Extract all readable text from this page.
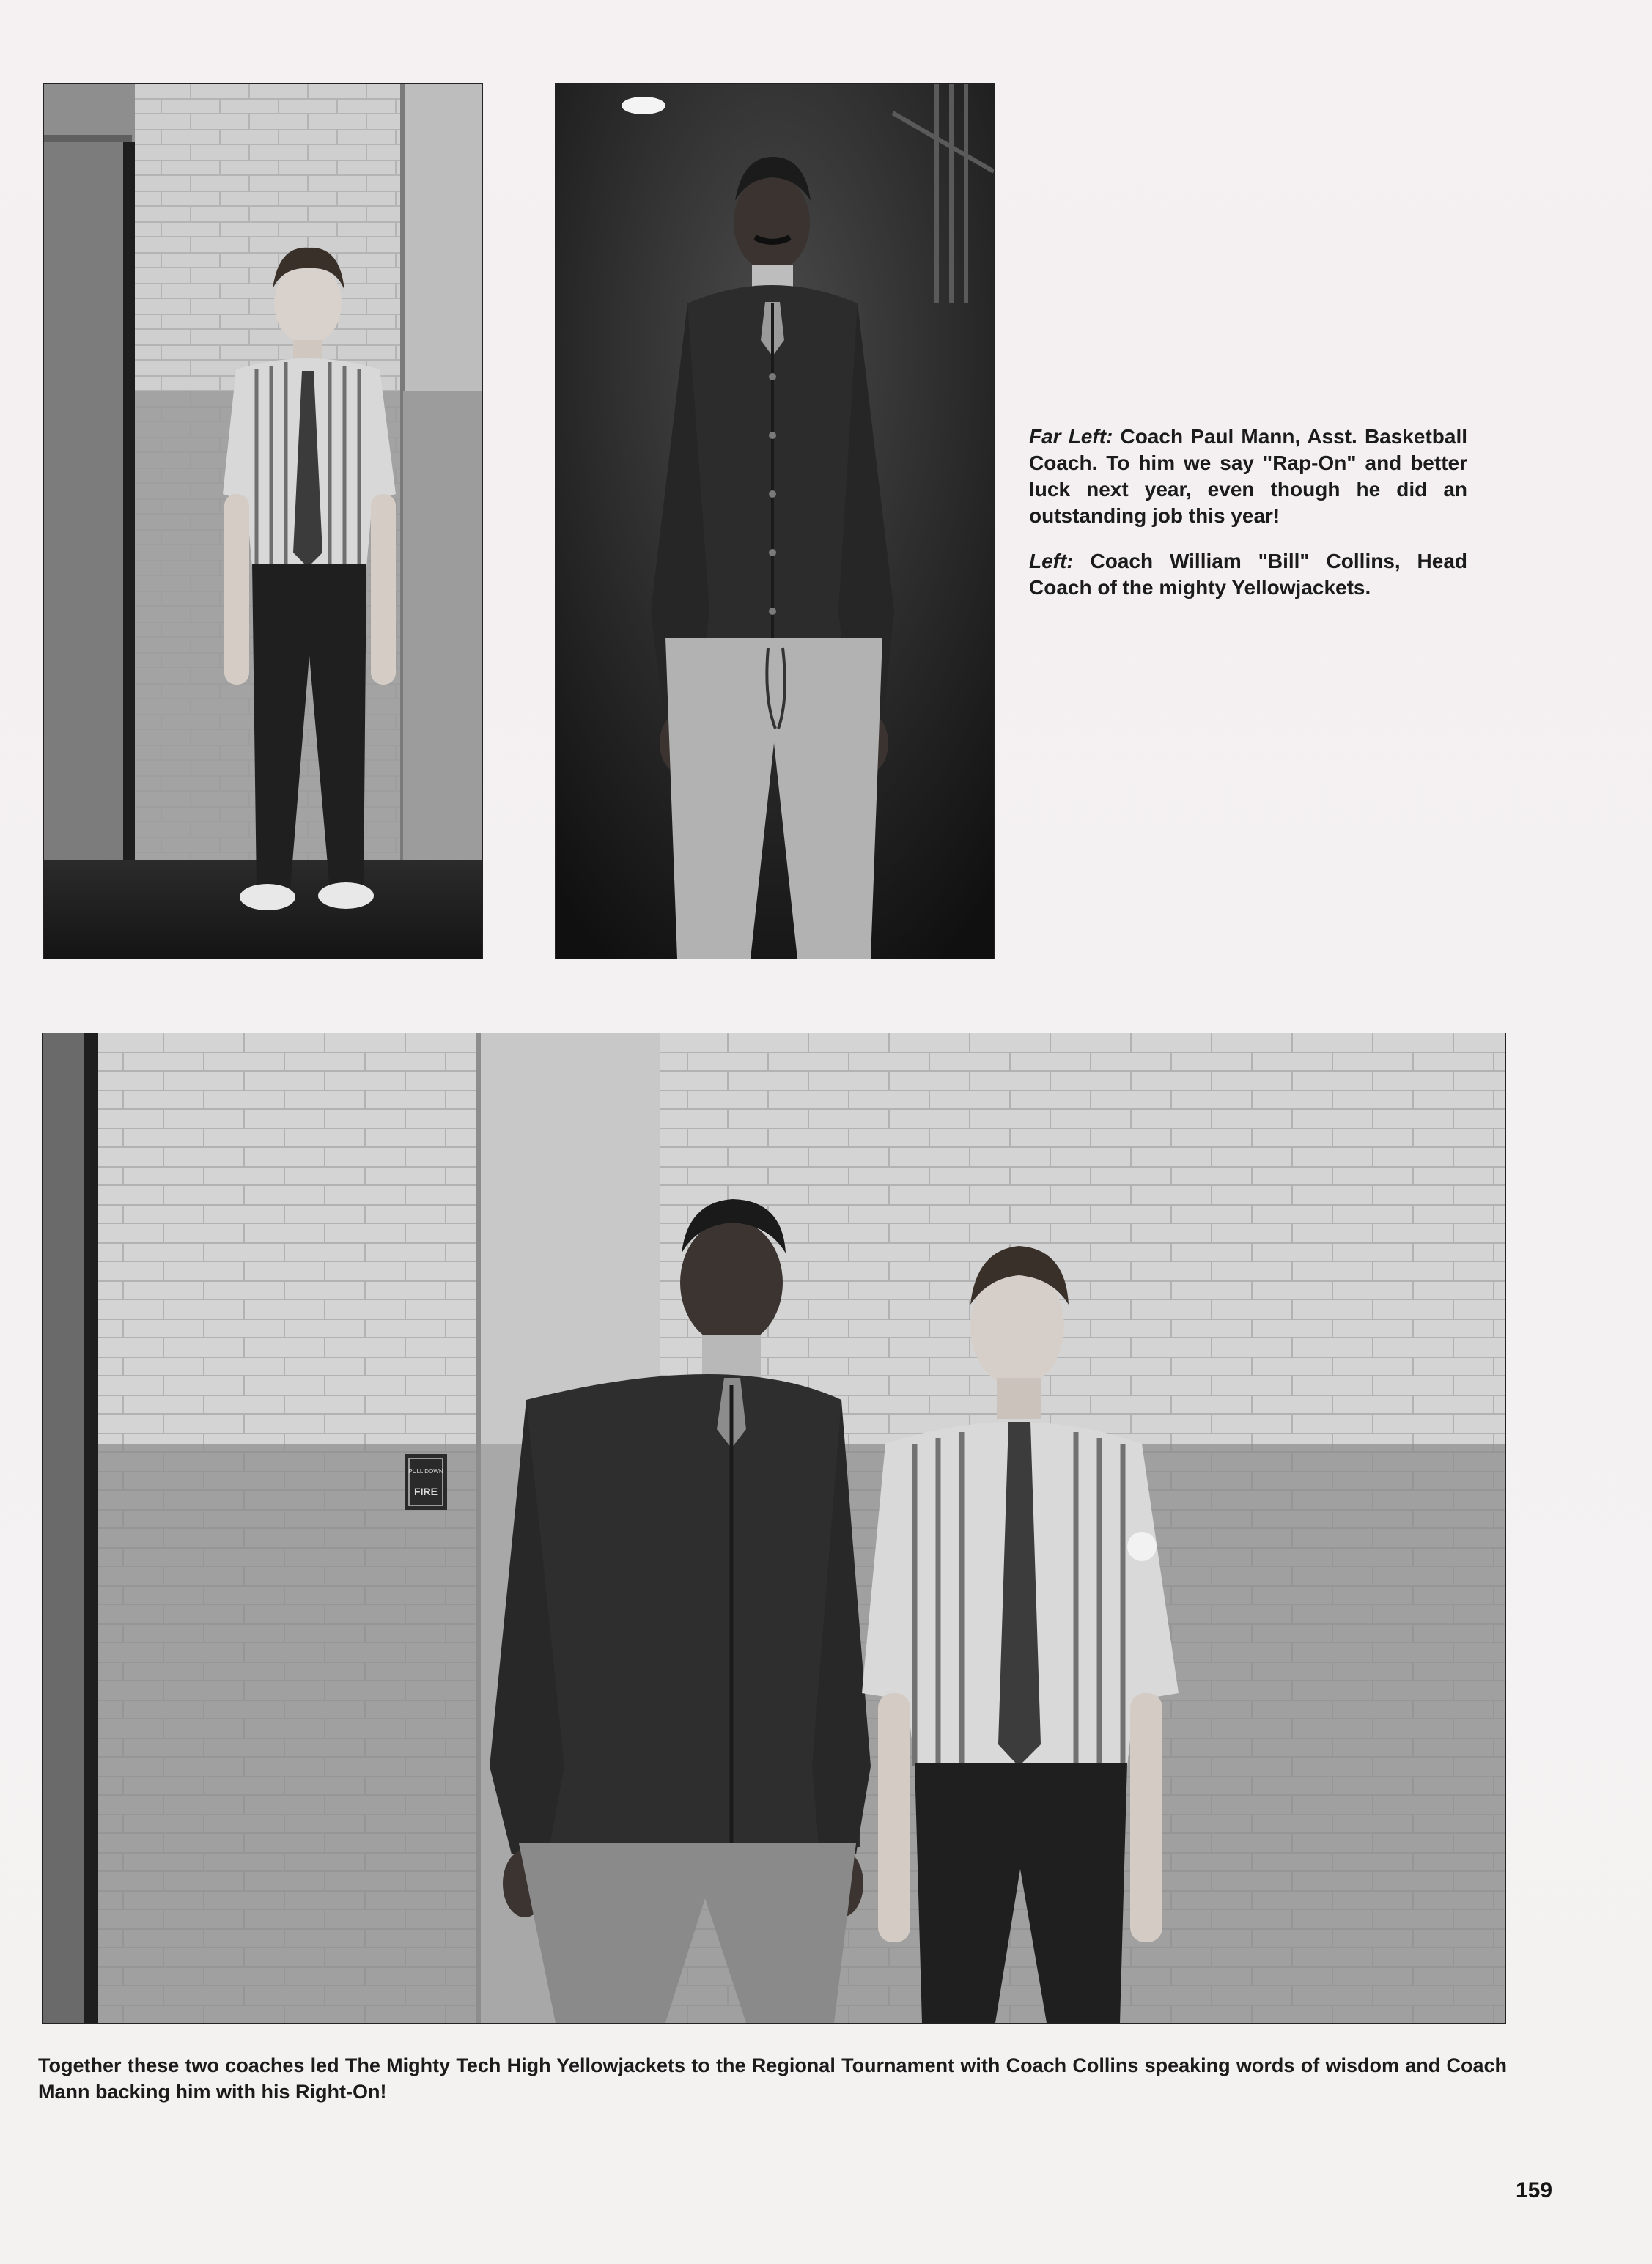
Far Left: Coach Paul Mann, Asst. Basketball Coach. To him we say "Rap-On" and better luck next year, even though he did an outstanding job this year!

Left: Coach William "Bill" Collins, Head Coach of the mighty Yellowjackets.

PULL DOWN
FIRE
Together these two coaches led The Mighty Tech High Yellowjackets to the Regional Tournament with Coach Collins speaking words of wisdom and Coach Mann backing him with his Right-On!
159
